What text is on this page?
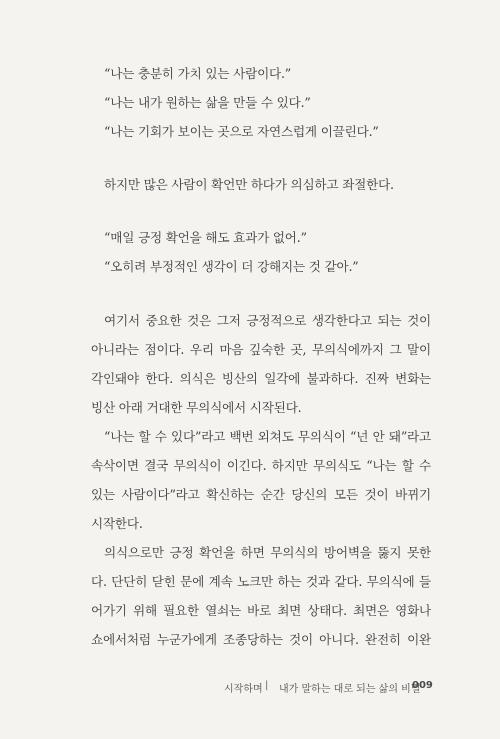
“나는 충분히 가치 있는 사람이다.”
“나는 내가 원하는 삶을 만들 수 있다.”
“나는 기회가 보이는 곳으로 자연스럽게 이끌린다.”
하지만 많은 사람이 확언만 하다가 의심하고 좌절한다.
“매일 긍정 확언을 해도 효과가 없어.”
“오히려 부정적인 생각이 더 강해지는 것 같아.”
여기서 중요한 것은 그저 긍정적으로 생각한다고 되는 것이
아니라는 점이다. 우리 마음 깊숙한 곳, 무의식에까지 그 말이
각인돼야 한다. 의식은 빙산의 일각에 불과하다. 진짜 변화는
빙산 아래 거대한 무의식에서 시작된다.
“나는 할 수 있다”라고 백번 외쳐도 무의식이 “넌 안 돼”라고
속삭이면 결국 무의식이 이긴다. 하지만 무의식도 “나는 할 수
있는 사람이다”라고 확신하는 순간 당신의 모든 것이 바뀌기
시작한다.
의식으로만 긍정 확언을 하면 무의식의 방어벽을 뚫지 못한
다. 단단히 닫힌 문에 계속 노크만 하는 것과 같다. 무의식에 들
어가기 위해 필요한 열쇠는 바로 최면 상태다. 최면은 영화나
쇼에서처럼 누군가에게 조종당하는 것이 아니다. 완전히 이완
시작하며 | 내가 말하는 대로 되는 삶의 비밀
009
